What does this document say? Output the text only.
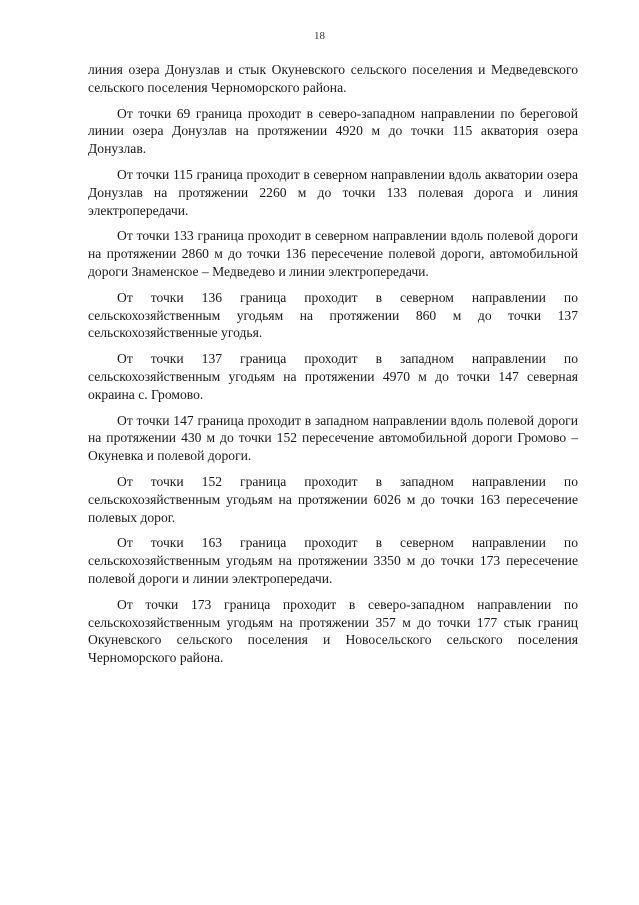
18

линия озера Донузлав и стык Окуневского сельского поселения и Медведевского сельского поселения Черноморского района.

От точки 69 граница проходит в северо-западном направлении по береговой линии озера Донузлав на протяжении 4920 м до точки 115 акватория озера Донузлав.

От точки 115 граница проходит в северном направлении вдоль акватории озера Донузлав на протяжении 2260 м до точки 133 полевая дорога и линия электропередачи.

От точки 133 граница проходит в северном направлении вдоль полевой дороги на протяжении 2860 м до точки 136 пересечение полевой дороги, автомобильной дороги Знаменское – Медведево и линии электропередачи.

От точки 136 граница проходит в северном направлении по сельскохозяйственным угодьям на протяжении 860 м до точки 137 сельскохозяйственные угодья.

От точки 137 граница проходит в западном направлении по сельскохозяйственным угодьям на протяжении 4970 м до точки 147 северная окраина с. Громово.

От точки 147 граница проходит в западном направлении вдоль полевой дороги на протяжении 430 м до точки 152 пересечение автомобильной дороги Громово – Окуневка и полевой дороги.

От точки 152 граница проходит в западном направлении по сельскохозяйственным угодьям на протяжении 6026 м до точки 163 пересечение полевых дорог.

От точки 163 граница проходит в северном направлении по сельскохозяйственным угодьям на протяжении 3350 м до точки 173 пересечение полевой дороги и линии электропередачи.

От точки 173 граница проходит в северо-западном направлении по сельскохозяйственным угодьям на протяжении 357 м до точки 177 стык границ Окуневского сельского поселения и Новосельского сельского поселения Черноморского района.
